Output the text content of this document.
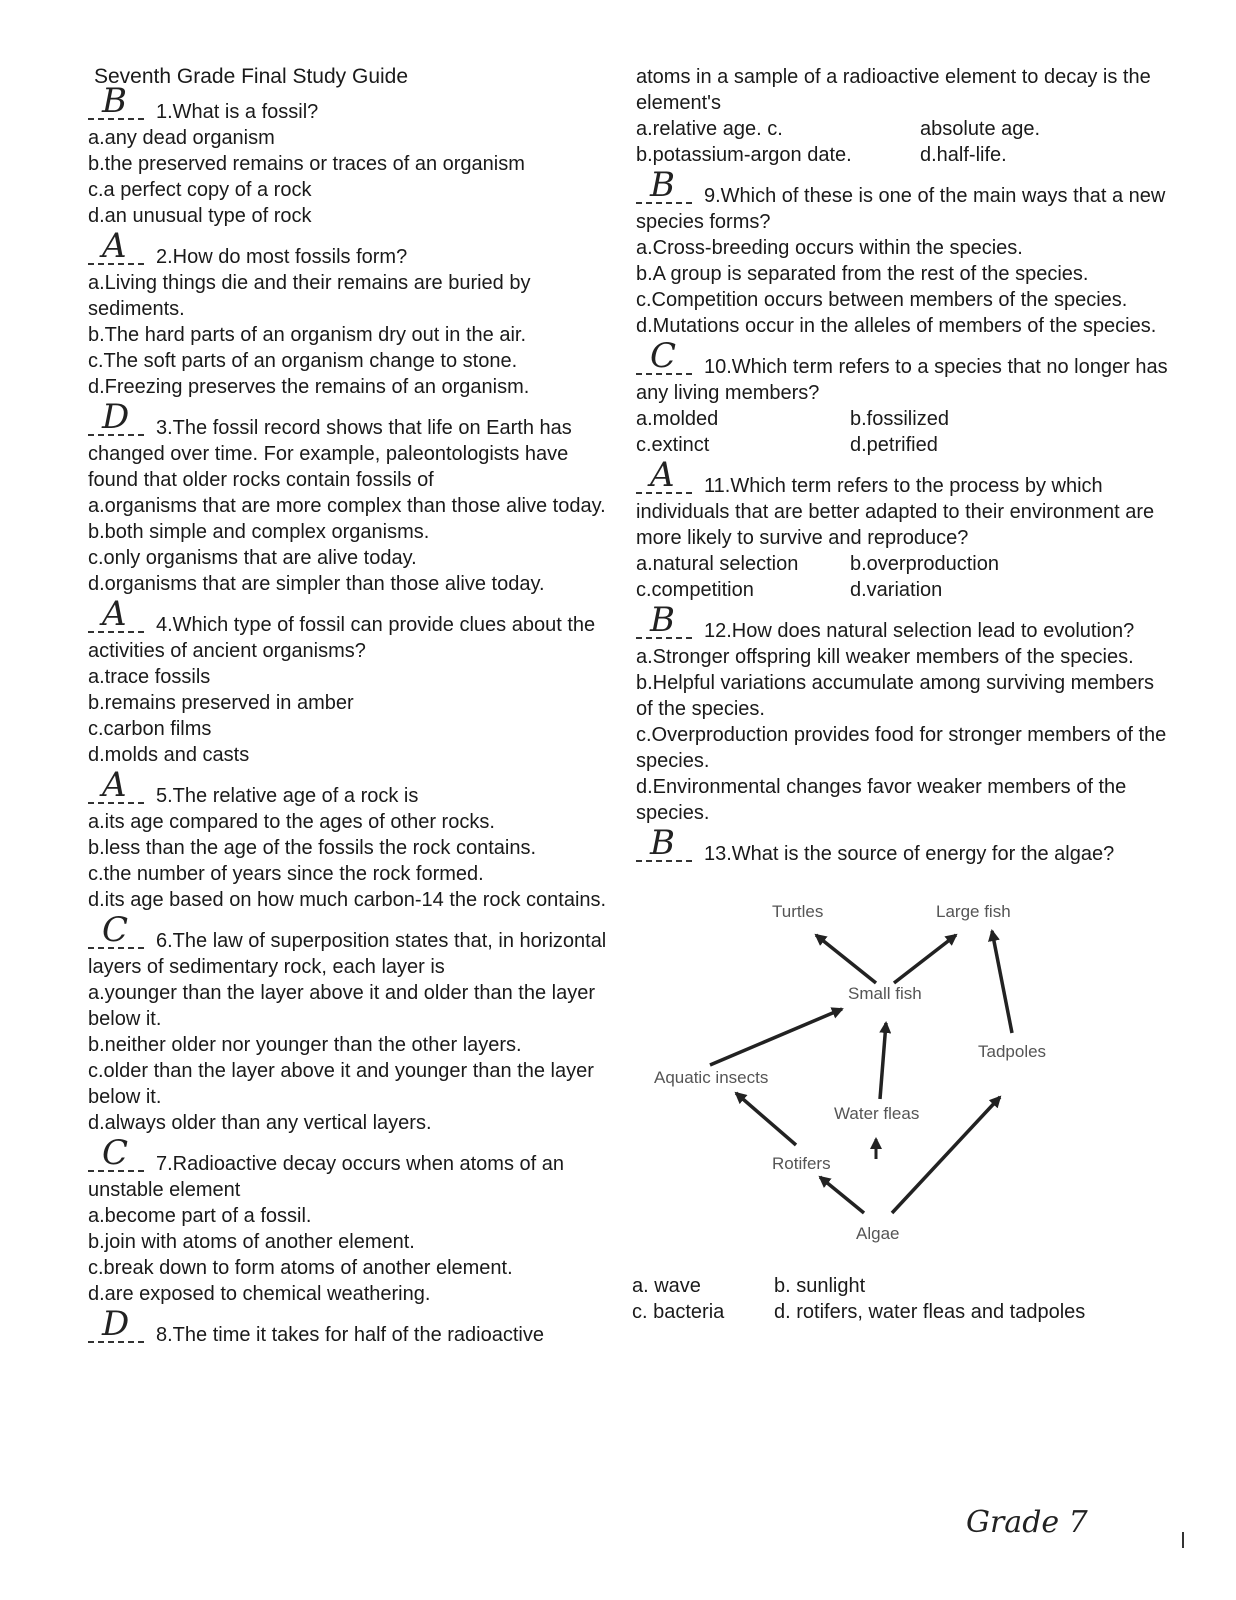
Seventh Grade Final Study Guide
B 1.What is a fossil?
a.any dead organism
b.the preserved remains or traces of an organism
c.a perfect copy of a rock
d.an unusual type of rock
A 2.How do most fossils form?
a.Living things die and their remains are buried by sediments.
b.The hard parts of an organism dry out in the air.
c.The soft parts of an organism change to stone.
d.Freezing preserves the remains of an organism.
D 3.The fossil record shows that life on Earth has changed over time. For example, paleontologists have found that older rocks contain fossils of
a.organisms that are more complex than those alive today.
b.both simple and complex organisms.
c.only organisms that are alive today.
d.organisms that are simpler than those alive today.
A 4.Which type of fossil can provide clues about the activities of ancient organisms?
a.trace fossils
b.remains preserved in amber
c.carbon films
d.molds and casts
A 5.The relative age of a rock is
a.its age compared to the ages of other rocks.
b.less than the age of the fossils the rock contains.
c.the number of years since the rock formed.
d.its age based on how much carbon-14 the rock contains.
C 6.The law of superposition states that, in horizontal layers of sedimentary rock, each layer is
a.younger than the layer above it and older than the layer below it.
b.neither older nor younger than the other layers.
c.older than the layer above it and younger than the layer below it.
d.always older than any vertical layers.
C 7.Radioactive decay occurs when atoms of an unstable element
a.become part of a fossil.
b.join with atoms of another element.
c.break down to form atoms of another element.
d.are exposed to chemical weathering.
D 8.The time it takes for half of the radioactive
atoms in a sample of a radioactive element to decay is the element's
a.relative age. c.	absolute age.
b.potassium-argon date.	d.half-life.
B 9.Which of these is one of the main ways that a new species forms?
a.Cross-breeding occurs within the species.
b.A group is separated from the rest of the species.
c.Competition occurs between members of the species.
d.Mutations occur in the alleles of members of the species.
C 10.Which term refers to a species that no longer has any living members?
a.molded	b.fossilized
c.extinct	d.petrified
A 11.Which term refers to the process by which individuals that are better adapted to their environment are more likely to survive and reproduce?
a.natural selection	b.overproduction
c.competition	d.variation
B 12.How does natural selection lead to evolution?
a.Stronger offspring kill weaker members of the species.
b.Helpful variations accumulate among surviving members of the species.
c.Overproduction provides food for stronger members of the species.
d.Environmental changes favor weaker members of the species.
B 13.What is the source of energy for the algae?
Turtles	Large fish
Small fish
Tadpoles
Aquatic insects
Water fleas
Rotifers
Algae
a. wave	b. sunlight
c. bacteria	d. rotifers, water fleas and tadpoles
Grade 7
